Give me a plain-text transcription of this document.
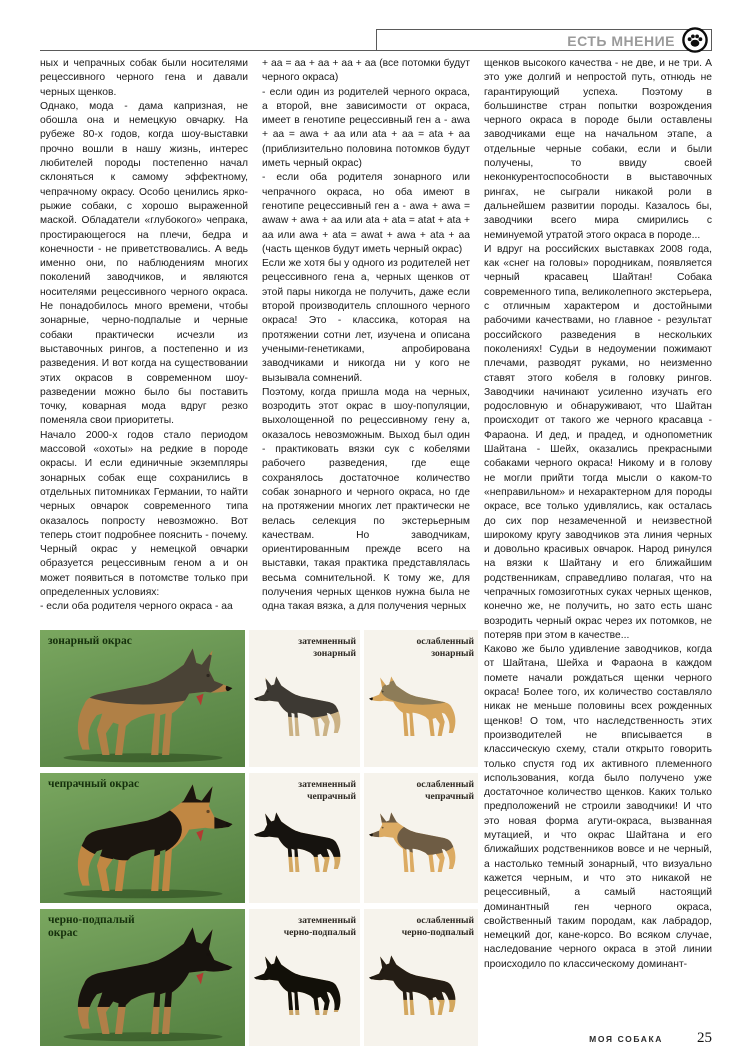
ЕСТЬ МНЕНИЕ

ных и чепрачных собак были носителями рецессивного черного гена и давали черных щенков.

Однако, мода - дама капризная, не обошла она и немецкую овчарку. На рубеже 80-х годов, когда шоу-выставки прочно вошли в нашу жизнь, интерес любителей породы постепенно начал склоняться к самому эффектному, чепрачному окрасу. Особо ценились ярко-рыжие собаки, с хорошо выраженной маской. Обладатели «глубокого» чепрака, простирающегося на плечи, бедра и конечности - не приветствовались. А ведь именно они, по наблюдениям многих поколений заводчиков, и являются носителями рецессивного черного окраса. Не понадобилось много времени, чтобы зонарные, черно-подпалые и черные собаки практически исчезли из выставочных рингов, а постепенно и из разведения. И вот когда на существовании этих окрасов в современном шоу-разведении можно было бы поставить точку, коварная мода вдруг резко поменяла свои приоритеты.

Начало 2000-х годов стало периодом массовой «охоты» на редкие в породе окрасы. И если единичные экземпляры зонарных собак еще сохранились в отдельных питомниках Германии, то найти черных овчарок современного типа оказалось попросту невозможно. Вот теперь стоит подробнее пояснить - почему.

Черный окрас у немецкой овчарки образуется рецессивным геном а и он может появиться в потомстве только при определенных условиях:

- если оба родителя черного окраса - аа

+ аа = аа + аа + аа + аа (все потомки будут черного окраса)

- если один из родителей черного окраса, а второй, вне зависимости от окраса, имеет в генотипе рецессивный ген а - awa + aa = awa + aa или ata + aa = ata + aa (приблизительно половина потомков будут иметь черный окрас)

- если оба родителя зонарного или чепрачного окраса, но оба имеют в генотипе рецессивный ген а - awa + awa = awaw + awa + aa или ata + ata = atat + ata + aa или awa + ata = awat + awa + ata + aa (часть щенков будут иметь черный окрас)

Если же хотя бы у одного из родителей нет рецессивного гена а, черных щенков от этой пары никогда не получить, даже если второй производитель сплошного черного окраса! Это - классика, которая на протяжении сотни лет, изучена и описана учеными-генетиками, апробирована заводчиками и никогда ни у кого не вызывала сомнений.

Поэтому, когда пришла мода на черных, возродить этот окрас в шоу-популяции, выхолощенной по рецессивному гену а, оказалось невозможным. Выход был один - практиковать вязки сук с кобелями рабочего разведения, где еще сохранялось достаточное количество собак зонарного и черного окраса, но где на протяжении многих лет практически не велась селекция по экстерьерным качествам. Но заводчикам, ориентированным прежде всего на выставки, такая практика представлялась весьма сомнительной. К тому же, для получения черных щенков нужна была не одна такая вязка, а для получения черных

щенков высокого качества - не две, и не три. А это уже долгий и непростой путь, отнюдь не гарантирующий успеха. Поэтому в большинстве стран попытки возрождения черного окраса в породе были оставлены заводчиками еще на начальном этапе, а отдельные черные собаки, если и были получены, то ввиду своей неконкурентоспособности в выставочных рингах, не сыграли никакой роли в дальнейшем развитии породы. Казалось бы, заводчики всего мира смирились с неминуемой утратой этого окраса в породе...

И вдруг на российских выставках 2008 года, как «снег на головы» породникам, появляется черный красавец Шайтан! Собака современного типа, великолепного экстерьера, с отличным характером и достойными рабочими качествами, но главное - результат российского разведения в нескольких поколениях! Судьи в недоумении пожимают плечами, разводят руками, но неизменно ставят этого кобеля в головку рингов. Заводчики начинают усиленно изучать его родословную и обнаруживают, что Шайтан происходит от такого же черного красавца - Фараона. И дед, и прадед, и однопометник Шайтана - Шейх, оказались прекрасными собаками черного окраса! Никому и в голову не могли прийти тогда мысли о каком-то «неправильном» и нехарактерном для породы окрасе, все только удивлялись, как осталась до сих пор незамеченной и неизвестной широкому кругу заводчиков эта линия черных и довольно красивых овчарок. Народ ринулся на вязки к Шайтану и его ближайшим родственникам, справедливо полагая, что на чепрачных гомозиготных суках черных щенков, конечно же, не получить, но зато есть шанс возродить черный окрас через их потомков, не потеряв при этом в качестве...

Каково же было удивление заводчиков, когда от Шайтана, Шейха и Фараона в каждом помете начали рождаться щенки черного окраса! Более того, их количество составляло никак не меньше половины всех рожденных щенков! О том, что наследственность этих производителей не вписывается в классическую схему, стали открыто говорить только спустя год их активного племенного использования, когда было получено уже достаточное количество щенков. Каких только предположений не строили заводчики! И что это новая форма агути-окраса, вызванная мутацией, и что окрас Шайтана и его ближайших родственников вовсе и не черный, а настолько темный зонарный, что визуально кажется черным, и что это никакой не рецессивный, а самый настоящий доминантный ген черного окраса, свойственный таким породам, как лабрадор, немецкий дог, кане-корсо. Во всяком случае, наследование черного окраса в этой линии происходило по классическому доминант-

зонарный окрас	затемненный
зонарный
ослабленный
зонарный
чепрачный окрас	затемненный
чепрачный
ослабленный
чепрачный
черно-подпалый
окрас
затемненный
черно-подпалый
ослабленный
черно-подпалый
МОЯ СОБАКА 25
